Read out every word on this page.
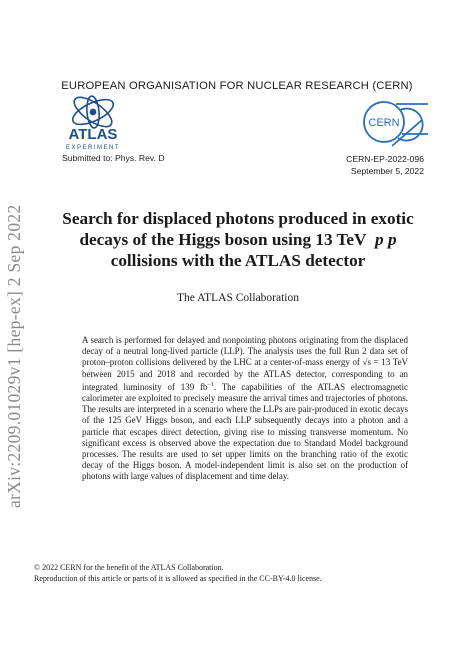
EUROPEAN ORGANISATION FOR NUCLEAR RESEARCH (CERN)
ATLAS
EXPERIMENT
CERN
Submitted to: Phys. Rev. D	CERN-EP-2022-096
September 5, 2022
arXiv:2209.01029v1 [hep-ex] 2 Sep 2022	Search for displaced photons produced in exotic
decays of the Higgs boson using 13 TeV p p
collisions with the ATLAS detector
The ATLAS Collaboration
A search is performed for delayed and nonpointing photons originating from the displaced decay of a neutral long-lived particle (LLP). The analysis uses the full Run 2 data set of proton–proton collisions delivered by the LHC at a center-of-mass energy of √s = 13 TeV between 2015 and 2018 and recorded by the ATLAS detector, corresponding to an integrated luminosity of 139 $fb^{-1}$. The capabilities of the ATLAS electromagnetic calorimeter are exploited to precisely measure the arrival times and trajectories of photons. The results are interpreted in a scenario where the LLPs are pair-produced in exotic decays of the 125 GeV Higgs boson, and each LLP subsequently decays into a photon and a particle that escapes direct detection, giving rise to missing transverse momentum. No significant excess is observed above the expectation due to Standard Model background processes. The results are used to set upper limits on the branching ratio of the exotic decay of the Higgs boson. A model-independent limit is also set on the production of photons with large values of displacement and time delay.
© 2022 CERN for the benefit of the ATLAS Collaboration.
Reproduction of this article or parts of it is allowed as specified in the CC-BY-4.0 license.
